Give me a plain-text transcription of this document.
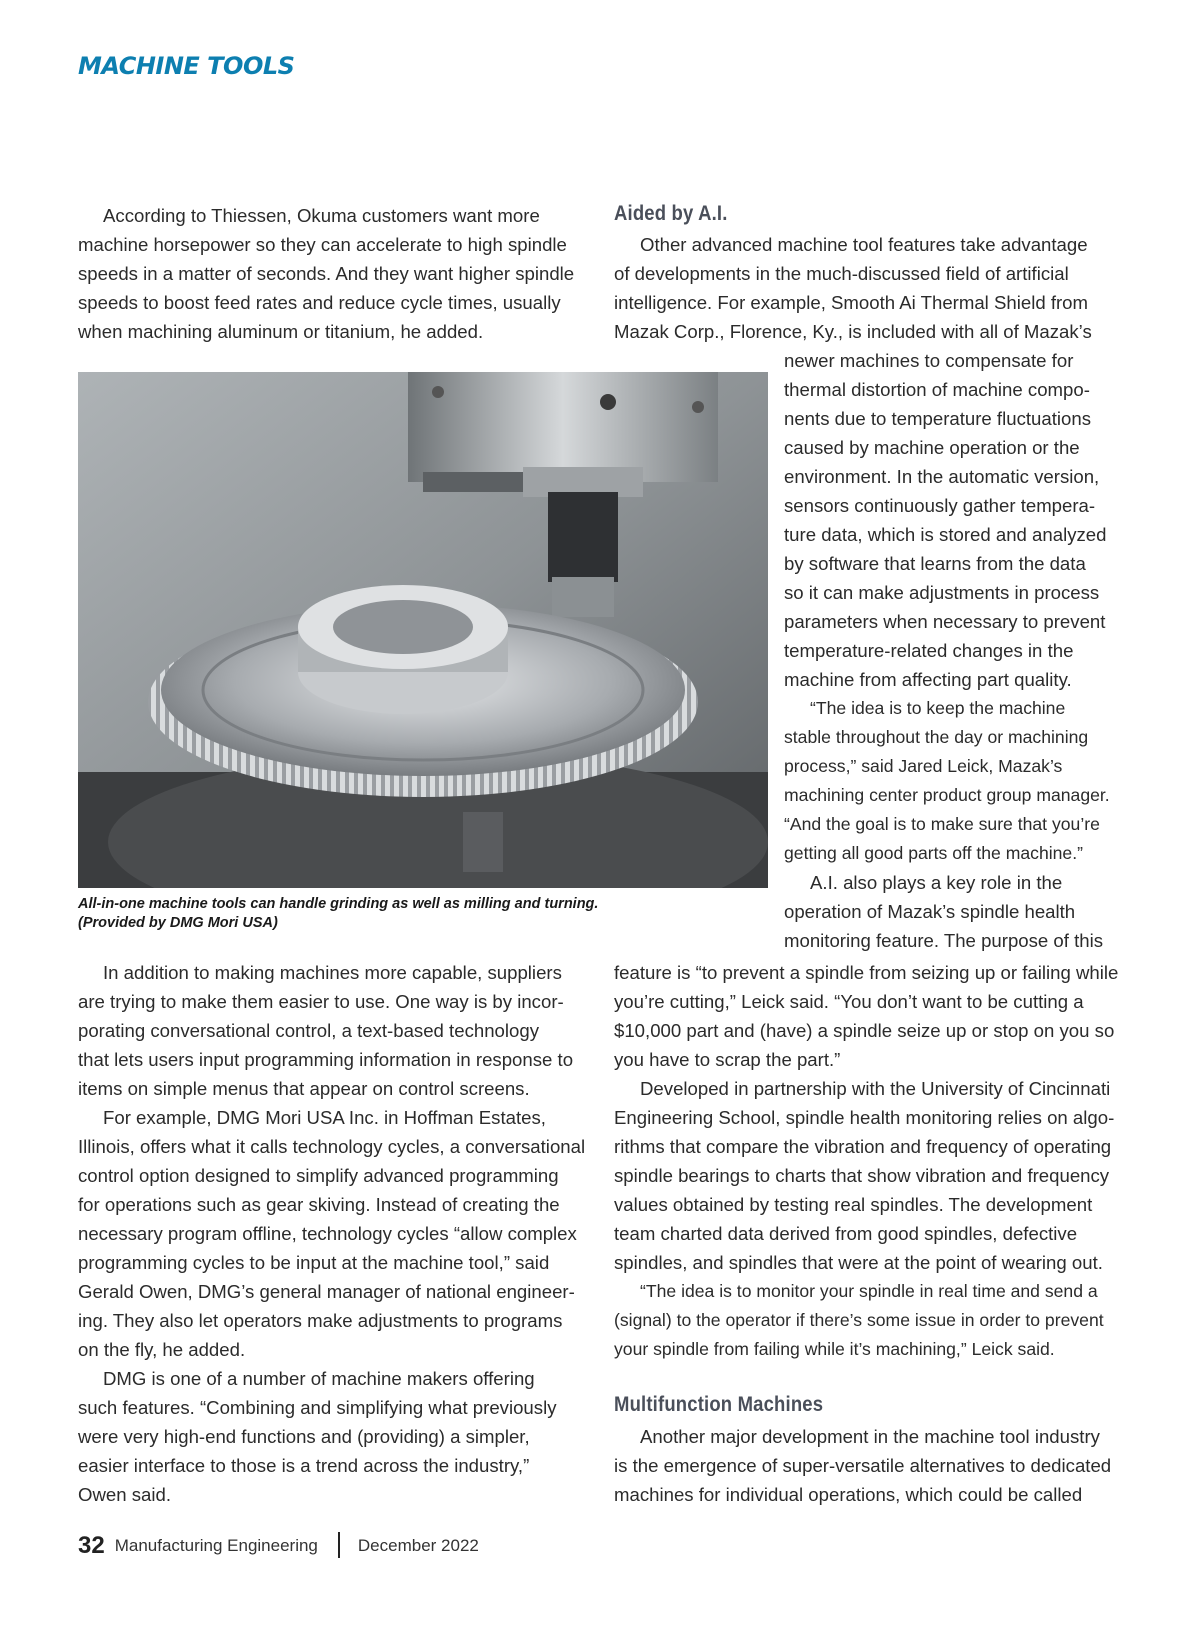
MACHINE TOOLS
According to Thiessen, Okuma customers want more
machine horsepower so they can accelerate to high spindle
speeds in a matter of seconds. And they want higher spindle
speeds to boost feed rates and reduce cycle times, usually
when machining aluminum or titanium, he added.
All-in-one machine tools can handle grinding as well as milling and turning.
(Provided by DMG Mori USA)
In addition to making machines more capable, suppliers
are trying to make them easier to use. One way is by incor-
porating conversational control, a text-based technology
that lets users input programming information in response to
items on simple menus that appear on control screens.
For example, DMG Mori USA Inc. in Hoffman Estates,
Illinois, offers what it calls technology cycles, a conversational
control option designed to simplify advanced programming
for operations such as gear skiving. Instead of creating the
necessary program offline, technology cycles “allow complex
programming cycles to be input at the machine tool,” said
Gerald Owen, DMG’s general manager of national engineer-
ing. They also let operators make adjustments to programs
on the fly, he added.
DMG is one of a number of machine makers offering
such features. “Combining and simplifying what previously
were very high-end functions and (providing) a simpler,
easier interface to those is a trend across the industry,”
Owen said.
Aided by A.I.
Other advanced machine tool features take advantage
of developments in the much-discussed field of artificial
intelligence. For example, Smooth Ai Thermal Shield from
Mazak Corp., Florence, Ky., is included with all of Mazak’s
newer machines to compensate for
thermal distortion of machine compo-
nents due to temperature fluctuations
caused by machine operation or the
environment. In the automatic version,
sensors continuously gather tempera-
ture data, which is stored and analyzed
by software that learns from the data
so it can make adjustments in process
parameters when necessary to prevent
temperature-related changes in the
machine from affecting part quality.
“The idea is to keep the machine
stable throughout the day or machining
process,” said Jared Leick, Mazak’s
machining center product group manager.
“And the goal is to make sure that you’re
getting all good parts off the machine.”
A.I. also plays a key role in the
operation of Mazak’s spindle health
monitoring feature. The purpose of this
feature is “to prevent a spindle from seizing up or failing while
you’re cutting,” Leick said. “You don’t want to be cutting a
$10,000 part and (have) a spindle seize up or stop on you so
you have to scrap the part.”
Developed in partnership with the University of Cincinnati
Engineering School, spindle health monitoring relies on algo-
rithms that compare the vibration and frequency of operating
spindle bearings to charts that show vibration and frequency
values obtained by testing real spindles. The development
team charted data derived from good spindles, defective
spindles, and spindles that were at the point of wearing out.
“The idea is to monitor your spindle in real time and send a
(signal) to the operator if there’s some issue in order to prevent
your spindle from failing while it’s machining,” Leick said.
Multifunction Machines
Another major development in the machine tool industry
is the emergence of super-versatile alternatives to dedicated
machines for individual operations, which could be called
32 Manufacturing Engineering December 2022
